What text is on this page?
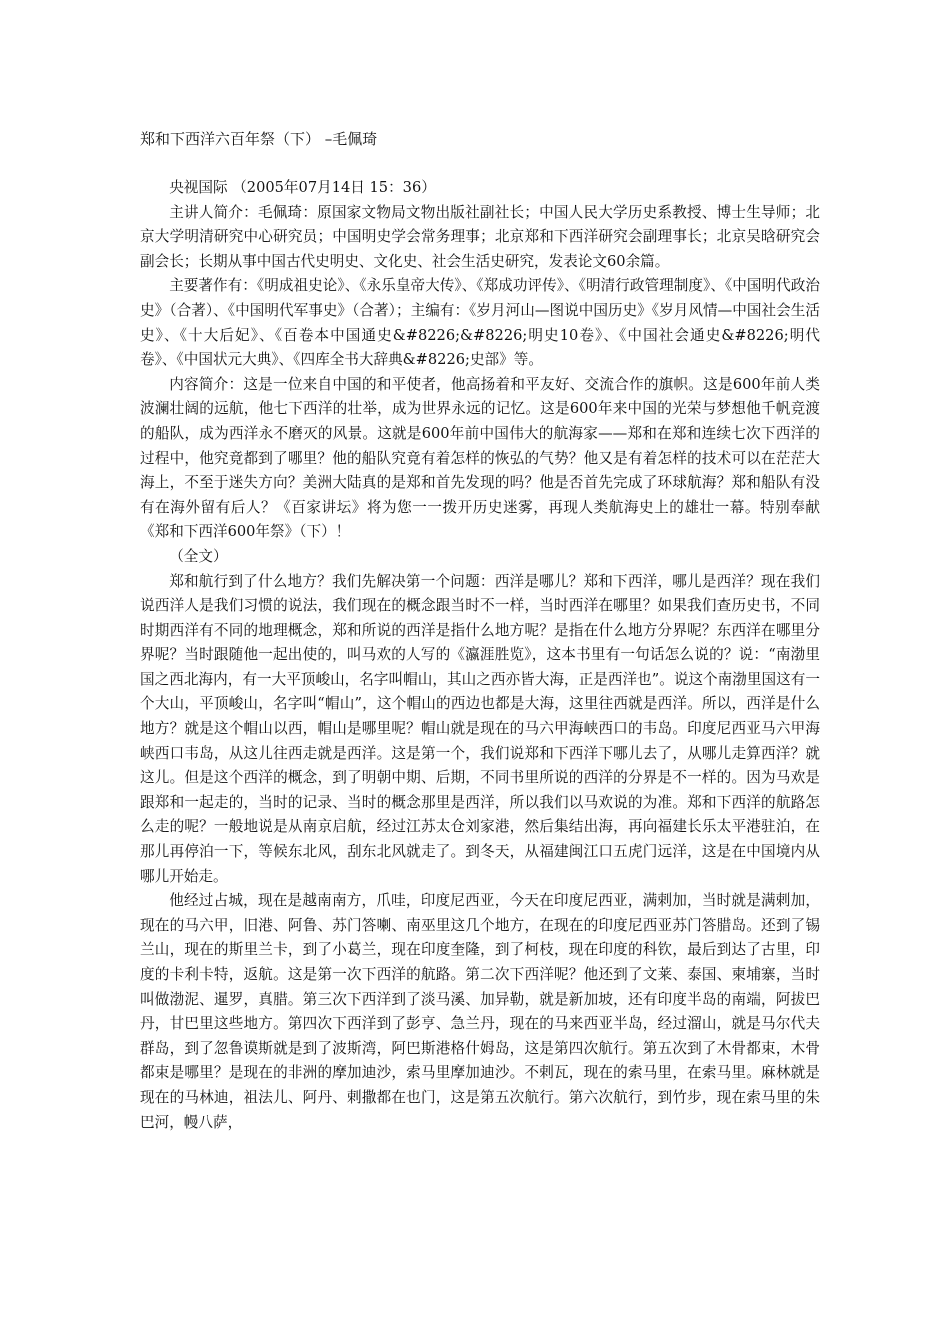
郑和下西洋六百年祭（下） –毛佩琦

央视国际 （2005年07月14日 15：36）

主讲人简介：毛佩琦：原国家文物局文物出版社副社长；中国人民大学历史系教授、博士生导师；北京大学明清研究中心研究员；中国明史学会常务理事；北京郑和下西洋研究会副理事长；北京吴晗研究会副会长；长期从事中国古代史明史、文化史、社会生活史研究，发表论文60余篇。

主要著作有：《明成祖史论》、《永乐皇帝大传》、《郑成功评传》、《明清行政管理制度》、《中国明代政治史》（合著）、《中国明代军事史》（合著）；主编有：《岁月河山—图说中国历史》《岁月风情—中国社会生活史》、《十大后妃》、《百卷本中国通史&#8226;&#8226;明史10卷》、《中国社会通史&#8226;明代卷》、《中国状元大典》、《四库全书大辞典&#8226;史部》等。

内容简介：这是一位来自中国的和平使者，他高扬着和平友好、交流合作的旗帜。这是600年前人类波澜壮阔的远航，他七下西洋的壮举，成为世界永远的记忆。这是600年来中国的光荣与梦想他千帆竞渡的船队，成为西洋永不磨灭的风景。这就是600年前中国伟大的航海家——郑和在郑和连续七次下西洋的过程中，他究竟都到了哪里？他的船队究竟有着怎样的恢弘的气势？他又是有着怎样的技术可以在茫茫大海上，不至于迷失方向？美洲大陆真的是郑和首先发现的吗？他是否首先完成了环球航海？郑和船队有没有在海外留有后人？《百家讲坛》将为您一一拨开历史迷雾，再现人类航海史上的雄壮一幕。特别奉献《郑和下西洋600年祭》（下）！

（全文）

郑和航行到了什么地方？我们先解决第一个问题：西洋是哪儿？郑和下西洋，哪儿是西洋？现在我们说西洋人是我们习惯的说法，我们现在的概念跟当时不一样，当时西洋在哪里？如果我们查历史书，不同时期西洋有不同的地理概念，郑和所说的西洋是指什么地方呢？是指在什么地方分界呢？东西洋在哪里分界呢？当时跟随他一起出使的，叫马欢的人写的《瀛涯胜览》，这本书里有一句话怎么说的？说：“南渤里国之西北海内，有一大平顶峻山，名字叫帽山，其山之西亦皆大海，正是西洋也”。说这个南渤里国这有一个大山，平顶峻山，名字叫“帽山”，这个帽山的西边也都是大海，这里往西就是西洋。所以，西洋是什么地方？就是这个帽山以西，帽山是哪里呢？帽山就是现在的马六甲海峡西口的韦岛。印度尼西亚马六甲海峡西口韦岛，从这儿往西走就是西洋。这是第一个，我们说郑和下西洋下哪儿去了，从哪儿走算西洋？就这儿。但是这个西洋的概念，到了明朝中期、后期，不同书里所说的西洋的分界是不一样的。因为马欢是跟郑和一起走的，当时的记录、当时的概念那里是西洋，所以我们以马欢说的为准。郑和下西洋的航路怎么走的呢？一般地说是从南京启航，经过江苏太仓刘家港，然后集结出海，再向福建长乐太平港驻泊，在那儿再停泊一下，等候东北风，刮东北风就走了。到冬天，从福建闽江口五虎门远洋，这是在中国境内从哪儿开始走。

他经过占城，现在是越南南方，爪哇，印度尼西亚，今天在印度尼西亚，满剌加，当时就是满剌加，现在的马六甲，旧港、阿鲁、苏门答喇、南巫里这几个地方，在现在的印度尼西亚苏门答腊岛。还到了锡兰山，现在的斯里兰卡，到了小葛兰，现在印度奎隆，到了柯枝，现在印度的科钦，最后到达了古里，印度的卡利卡特，返航。这是第一次下西洋的航路。第二次下西洋呢？他还到了文莱、泰国、柬埔寨，当时叫做渤泥、暹罗，真腊。第三次下西洋到了淡马溪、加异勒，就是新加坡，还有印度半岛的南端，阿拔巴丹，甘巴里这些地方。第四次下西洋到了彭亨、急兰丹，现在的马来西亚半岛，经过溜山，就是马尔代夫群岛，到了忽鲁谟斯就是到了波斯湾，阿巴斯港格什姆岛，这是第四次航行。第五次到了木骨都束，木骨都束是哪里？是现在的非洲的摩加迪沙，索马里摩加迪沙。不剌瓦，现在的索马里，在索马里。麻林就是现在的马林迪，祖法儿、阿丹、剌撒都在也门，这是第五次航行。第六次航行，到竹步，现在索马里的朱巴河，幔八萨，
